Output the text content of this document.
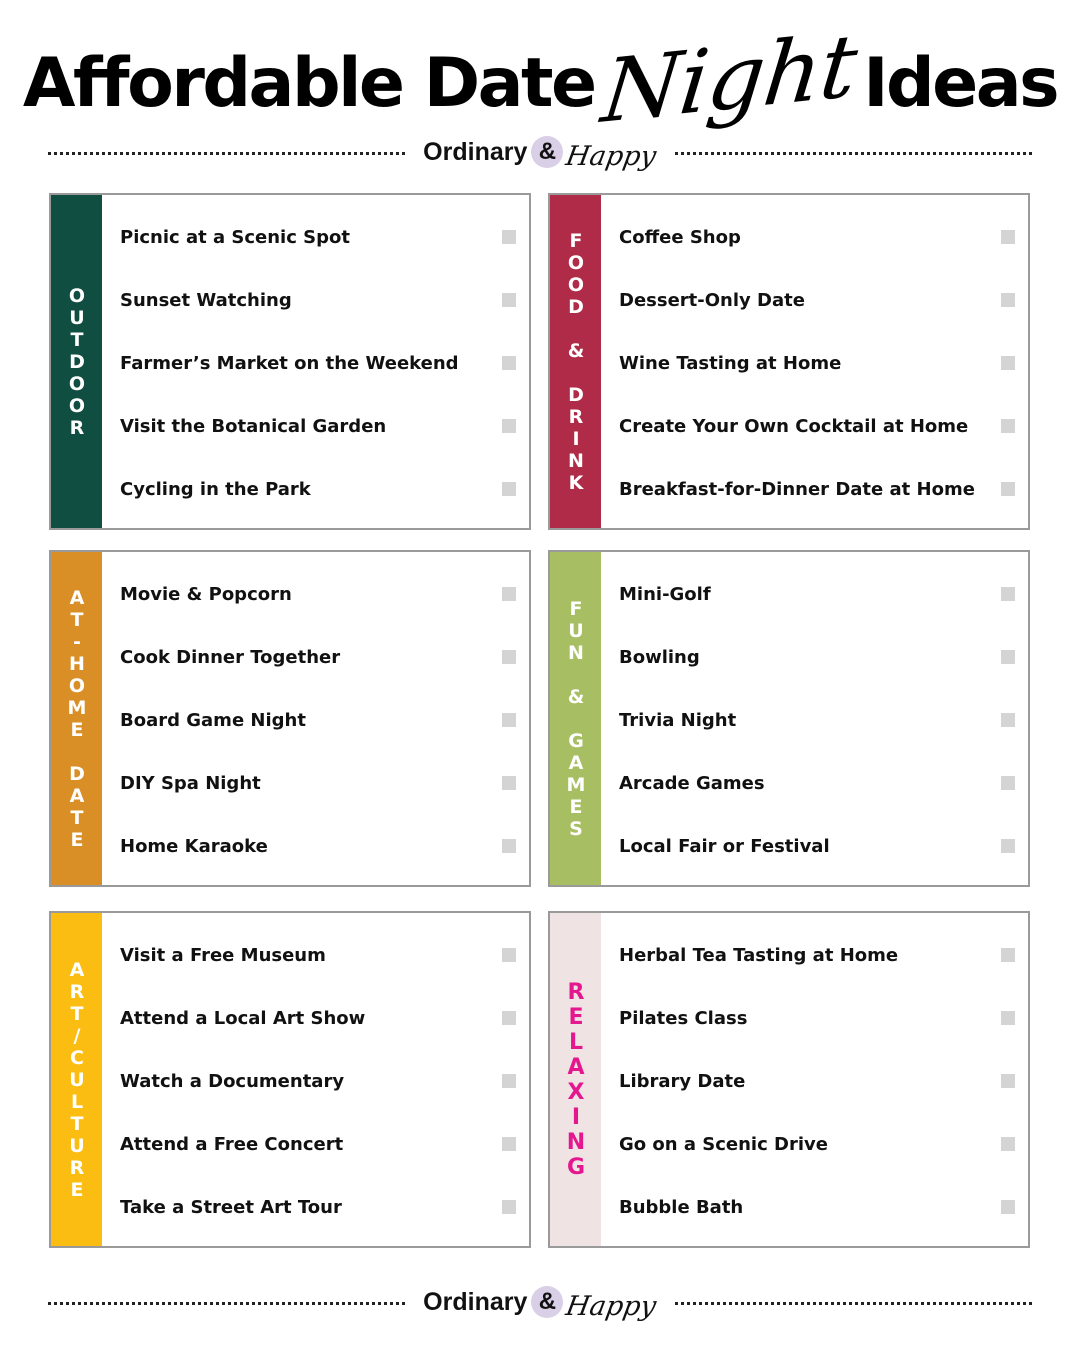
Affordable Date Night Ideas
Ordinary & Happy
OUTDOOR
Picnic at a Scenic Spot
Sunset Watching
Farmer’s Market on the Weekend
Visit the Botanical Garden
Cycling in the Park	FOOD & DRINK Coffee Shop
Dessert-Only Date
Wine Tasting at Home
Create Your Own Cocktail at Home
Breakfast-for-Dinner Date at Home
AT-HOME DATE Movie & Popcorn
Cook Dinner Together
Board Game Night
DIY Spa Night
Home Karaoke
FUN & GAMES
Mini-Golf
Bowling
Trivia Night
Arcade Games
Local Fair or Festival
ART/CULTURE
Visit a Free Museum
Attend a Local Art Show
Watch a Documentary
Attend a Free Concert
Take a Street Art Tour
RELAXING
Herbal Tea Tasting at Home
Pilates Class
Library Date
Go on a Scenic Drive
Bubble Bath
Ordinary & Happy
